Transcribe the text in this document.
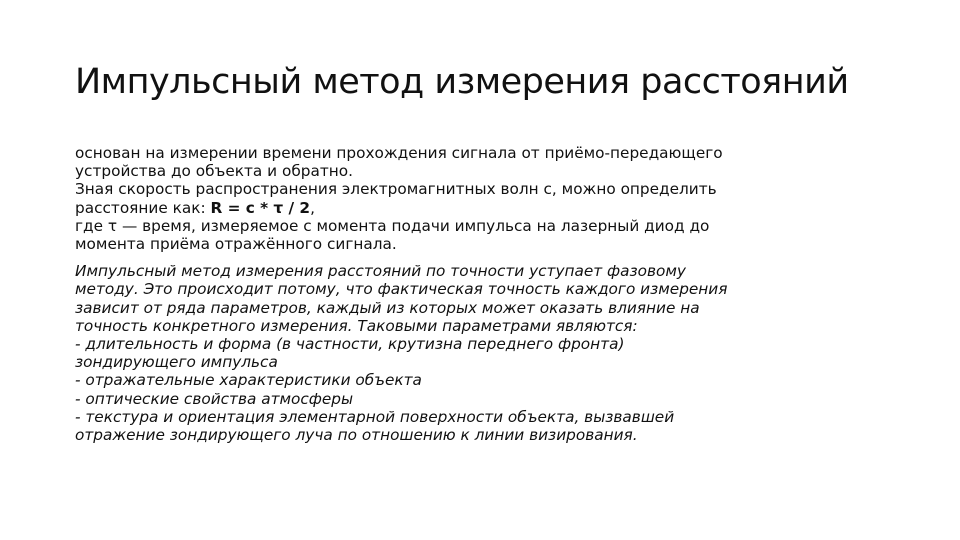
Импульсный метод измерения расстояний

основан на измерении времени прохождения сигнала от приёмо-передающего
устройства до объекта и обратно.
Зная скорость распространения электромагнитных волн с, можно определить
расстояние как: R = c * τ / 2,
где τ — время, измеряемое с момента подачи импульса на лазерный диод до
момента приёма отражённого сигнала.

Импульсный метод измерения расстояний по точности уступает фазовому
методу. Это происходит потому, что фактическая точность каждого измерения
зависит от ряда параметров, каждый из которых может оказать влияние на
точность конкретного измерения. Таковыми параметрами являются:
- длительность и форма (в частности, крутизна переднего фронта)
зондирующего импульса
- отражательные характеристики объекта
- оптические свойства атмосферы
- текстура и ориентация элементарной поверхности объекта, вызвавшей
отражение зондирующего луча по отношению к линии визирования.
